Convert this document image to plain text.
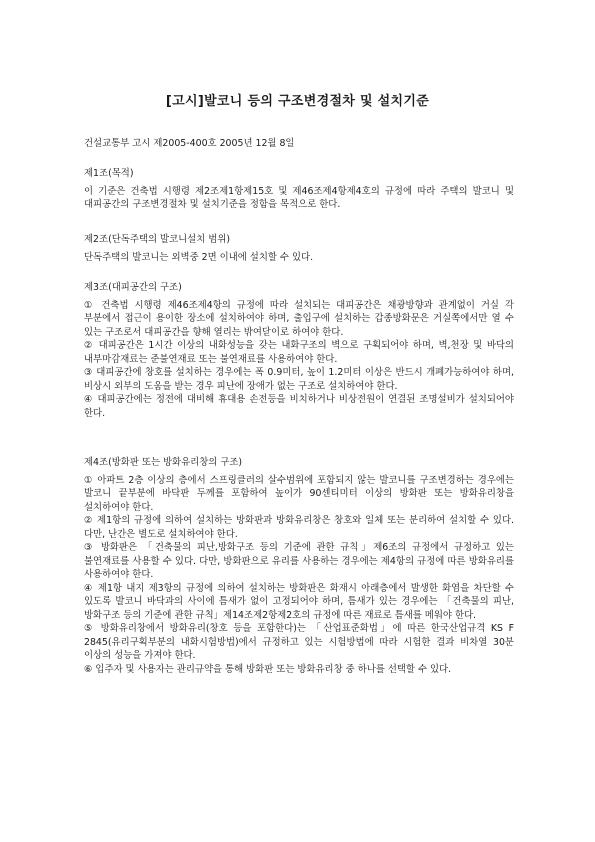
[고시]발코니 등의 구조변경절차 및 설치기준
건설교통부 고시 제2005-400호 2005년 12월 8일

제1조(목적)

이 기준은 건축법 시행령 제2조제1항제15호 및 제46조제4항제4호의 규정에 따라 주택의 발코니 및 대피공간의 구조변경절차 및 설치기준을 정함을 목적으로 한다.

제2조(단독주택의 발코니설치 범위)

단독주택의 발코니는 외벽중 2면 이내에 설치할 수 있다.

제3조(대피공간의 구조)

① 건축법 시행령 제46조제4항의 규정에 따라 설치되는 대피공간은 채광방향과 관계없이 거실 각 부분에서 접근이 용이한 장소에 설치하여야 하며, 출입구에 설치하는 갑종방화문은 거실쪽에서만 열 수 있는 구조로서 대피공간을 향해 열리는 밖여닫이로 하여야 한다.

② 대피공간은 1시간 이상의 내화성능을 갖는 내화구조의 벽으로 구획되어야 하며, 벽,천장 및 바닥의 내부마감재료는 준불연재료 또는 불연재료를 사용하여야 한다.

③ 대피공간에 창호를 설치하는 경우에는 폭 0.9미터, 높이 1.2미터 이상은 반드시 개폐가능하여야 하며, 비상시 외부의 도움을 받는 경우 피난에 장애가 없는 구조로 설치하여야 한다.

④ 대피공간에는 정전에 대비해 휴대용 손전등을 비치하거나 비상전원이 연결된 조명설비가 설치되어야 한다.

제4조(방화판 또는 방화유리창의 구조)

① 아파트 2층 이상의 층에서 스프링클러의 살수범위에 포함되지 않는 발코니를 구조변경하는 경우에는 발코니 끝부분에 바닥판 두께를 포함하여 높이가 90센티미터 이상의 방화판 또는 방화유리창을 설치하여야 한다.

② 제1항의 규정에 의하여 설치하는 방화판과 방화유리창은 창호와 일체 또는 분리하여 설치할 수 있다. 다만, 난간은 별도로 설치하여야 한다.

③ 방화판은 「건축물의 피난,방화구조 등의 기준에 관한 규칙」제6조의 규정에서 규정하고 있는 불연재료를 사용할 수 있다. 다만, 방화판으로 유리를 사용하는 경우에는 제4항의 규정에 따른 방화유리를 사용하여야 한다.

④ 제1항 내지 제3항의 규정에 의하여 설치하는 방화판은 화재시 아래층에서 발생한 화염을 차단할 수 있도록 발코니 바닥과의 사이에 틈새가 없이 고정되어야 하며, 틈새가 있는 경우에는 「건축물의 피난,방화구조 등의 기준에 관한 규칙」제14조제2항제2호의 규정에 따른 재료로 틈새를 메워야 한다.

⑤ 방화유리창에서 방화유리(창호 등을 포함한다)는 「산업표준화법」에 따른 한국산업규격 KS F 2845(유리구획부분의 내화시험방법)에서 규정하고 있는 시험방법에 따라 시험한 결과 비차열 30분 이상의 성능을 가져야 한다.

⑥ 입주자 및 사용자는 관리규약을 통해 방화판 또는 방화유리창 중 하나를 선택할 수 있다.
